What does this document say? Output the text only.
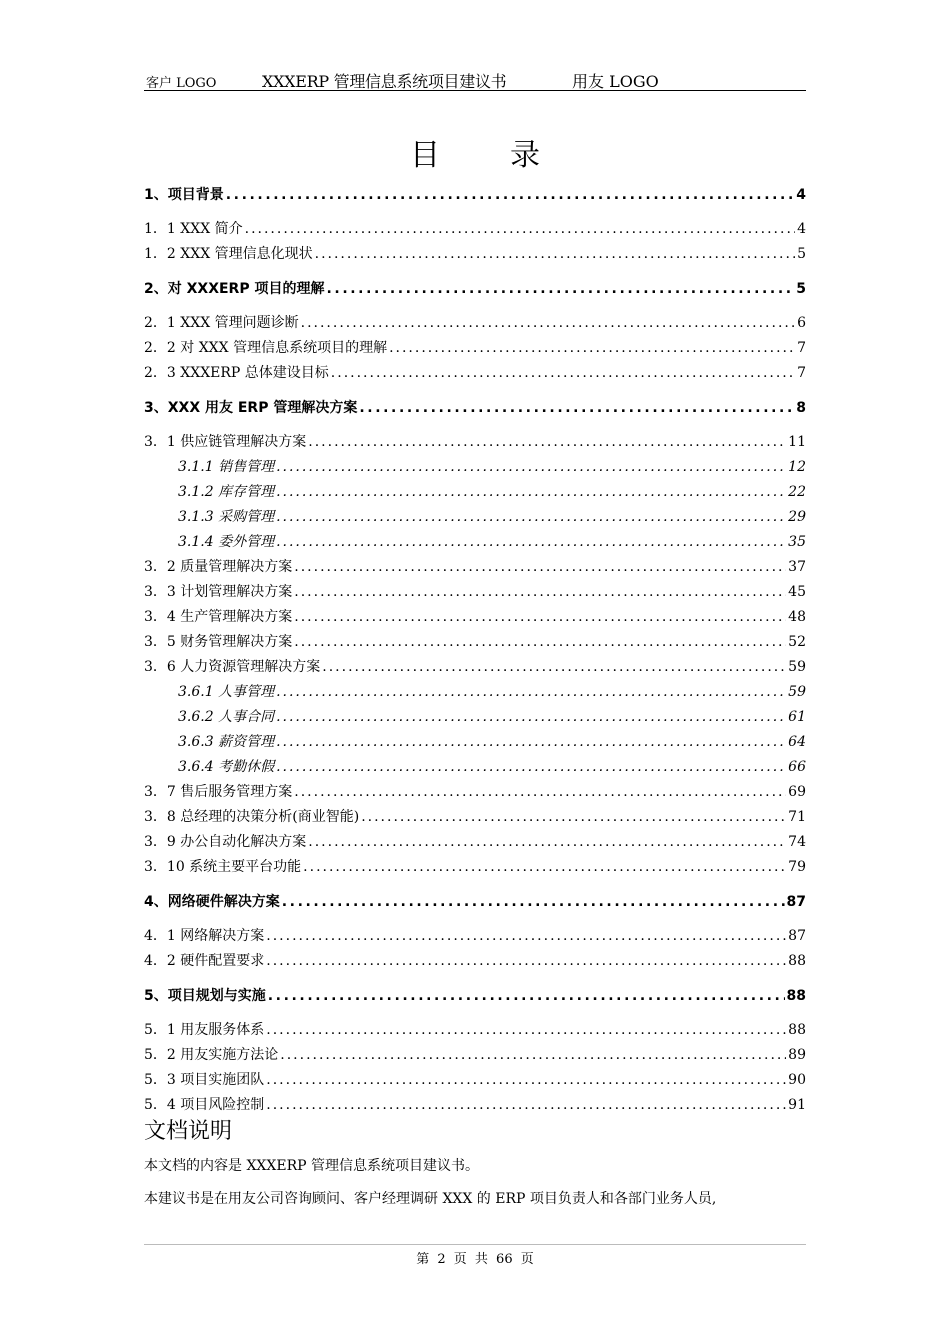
客户 LOGO	XXXERP 管理信息系统项目建议书	用友 LOGO
目录
1、项目背景 .....	4
1．1 XXX 简介 .....	4
1．2 XXX 管理信息化现状 .....	5
2、对 XXXERP 项目的理解 .....	5
2．1 XXX 管理问题诊断 .....	6
2．2 对 XXX 管理信息系统项目的理解 .....	7
2．3 XXXERP 总体建设目标 .....	7
3、XXX 用友 ERP 管理解决方案 .....	8
3．1 供应链管理解决方案 .....	11
3.1.1 销售管理 .....	12
3.1.2 库存管理 .....	22
3.1.3 采购管理 .....	29
3.1.4 委外管理 .....	35
3．2 质量管理解决方案 .....	37
3．3 计划管理解决方案 .....	45
3．4 生产管理解决方案 .....	48
3．5 财务管理解决方案 .....	52
3．6 人力资源管理解决方案 .....	59
3.6.1 人事管理 .....	59
3.6.2 人事合同 .....	61
3.6.3 薪资管理 .....	64
3.6.4 考勤休假 .....	66
3．7 售后服务管理方案 .....	69
3．8 总经理的决策分析(商业智能) .....	71
3．9 办公自动化解决方案 .....	74
3．10 系统主要平台功能 .....	79
4、网络硬件解决方案 .....	87
4．1 网络解决方案 .....	87
4．2 硬件配置要求 .....	88
5、项目规划与实施 .....	88
5．1 用友服务体系 .....	88
5．2 用友实施方法论 .....	89
5．3 项目实施团队 .....	90
5．4 项目风险控制 .....	91
文档说明
本文档的内容是 XXXERP 管理信息系统项目建议书。
本建议书是在用友公司咨询顾问、客户经理调研 XXX 的 ERP 项目负责人和各部门业务人员,
第 2 页 共 66 页
